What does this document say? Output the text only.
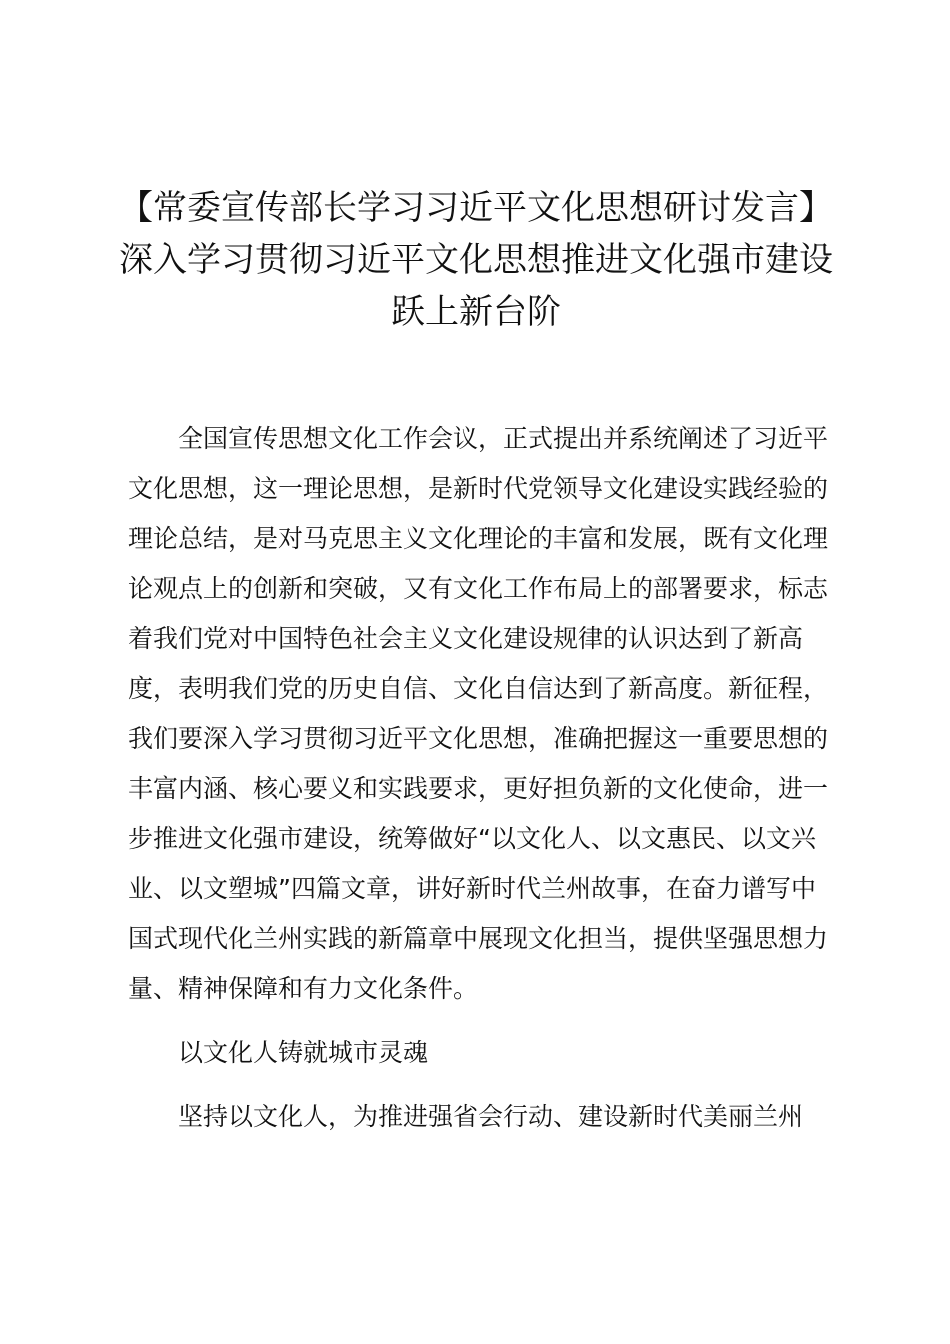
【常委宣传部长学习习近平文化思想研讨发言】深入学习贯彻习近平文化思想推进文化强市建设跃上新台阶

全国宣传思想文化工作会议，正式提出并系统阐述了习近平文化思想，这一理论思想，是新时代党领导文化建设实践经验的理论总结，是对马克思主义文化理论的丰富和发展，既有文化理论观点上的创新和突破，又有文化工作布局上的部署要求，标志着我们党对中国特色社会主义文化建设规律的认识达到了新高度，表明我们党的历史自信、文化自信达到了新高度。新征程，我们要深入学习贯彻习近平文化思想，准确把握这一重要思想的丰富内涵、核心要义和实践要求，更好担负新的文化使命，进一步推进文化强市建设，统筹做好“以文化人、以文惠民、以文兴业、以文塑城”四篇文章，讲好新时代兰州故事，在奋力谱写中国式现代化兰州实践的新篇章中展现文化担当，提供坚强思想力量、精神保障和有力文化条件。

以文化人铸就城市灵魂

坚持以文化人，为推进强省会行动、建设新时代美丽兰州
